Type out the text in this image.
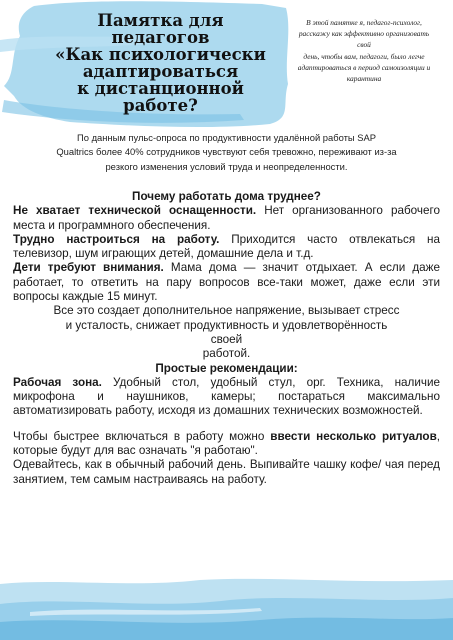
Памятка для
педагогов
«Как психологически
адаптироваться
к дистанционной
работе?

В этой памятке я, педагог-психолог,
расскажу как эффективно организовать
свой
день, чтобы вам, педагоги, было легче
адаптироваться в период самоизоляции и
карантина

По данным пульс-опроса по продуктивности удалённой работы SAP
Qualtrics более 40% сотрудников чувствуют себя тревожно, переживают из-за
резкого изменения условий труда и неопределенности.

Почему работать дома труднее?

Не хватает технической оснащенности. Нет организованного рабочего места и программного обеспечения.

Трудно настроиться на работу. Приходится часто отвлекаться на телевизор, шум играющих детей, домашние дела и т.д.

Дети требуют внимания. Мама дома — значит отдыхает. А если даже работает, то ответить на пару вопросов все-таки может, даже если эти вопросы каждые 15 минут.

Все это создает дополнительное напряжение, вызывает стресс
и усталость, снижает продуктивность и удовлетворённость
своей
работой.

Простые рекомендации:

Рабочая зона. Удобный стол, удобный стул, орг. Техника, наличие микрофона и наушников, камеры; постараться максимально автоматизировать работу, исходя из домашних технических возможностей.

Чтобы быстрее включаться в работу можно ввести несколько ритуалов, которые будут для вас означать "я работаю".

Одевайтесь, как в обычный рабочий день. Выпивайте чашку кофе/ чая перед занятием, тем самым настраиваясь на работу.
